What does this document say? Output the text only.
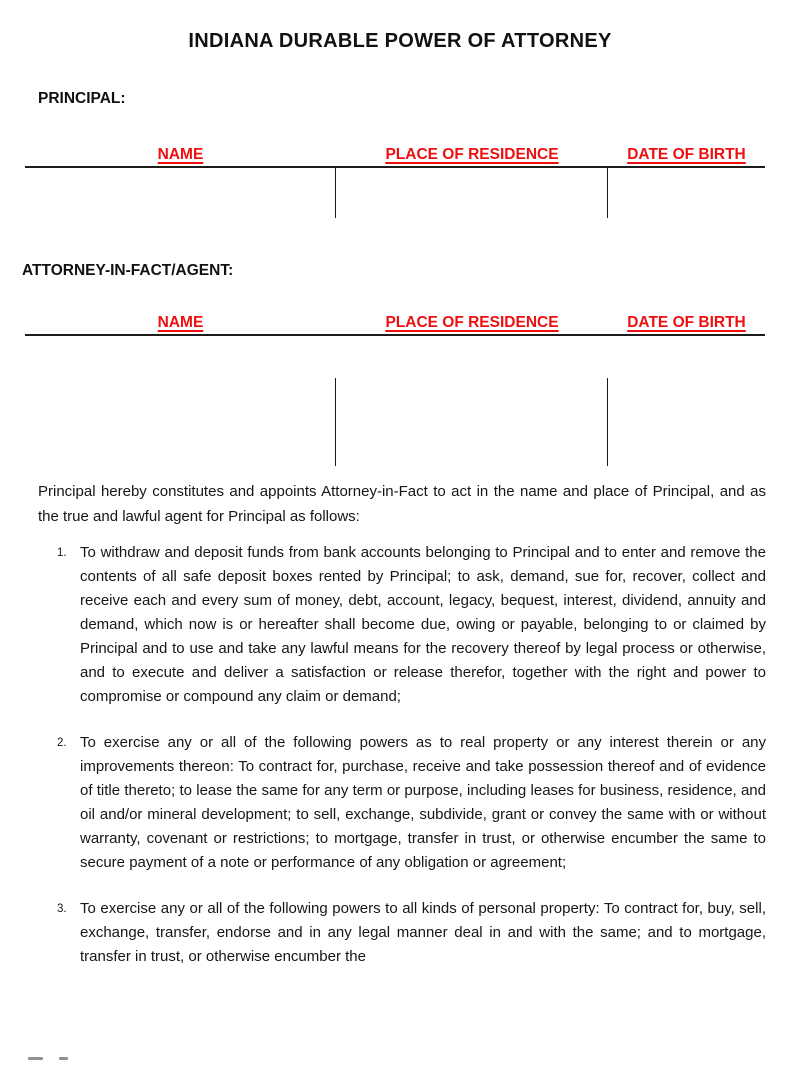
INDIANA DURABLE POWER OF ATTORNEY
PRINCIPAL:
NAME	PLACE OF RESIDENCE	DATE OF BIRTH
ATTORNEY-IN-FACT/AGENT:
NAME	PLACE OF RESIDENCE	DATE OF BIRTH
Principal hereby constitutes and appoints Attorney-in-Fact to act in the name and place of Principal, and as the true and lawful agent for Principal as follows:
1. To withdraw and deposit funds from bank accounts belonging to Principal and to enter and remove the contents of all safe deposit boxes rented by Principal; to ask, demand, sue for, recover, collect and receive each and every sum of money, debt, account, legacy, bequest, interest, dividend, annuity and demand, which now is or hereafter shall become due, owing or payable, belonging to or claimed by Principal and to use and take any lawful means for the recovery thereof by legal process or otherwise, and to execute and deliver a satisfaction or release therefor, together with the right and power to compromise or compound any claim or demand;
2. To exercise any or all of the following powers as to real property or any interest therein or any improvements thereon: To contract for, purchase, receive and take possession thereof and of evidence of title thereto; to lease the same for any term or purpose, including leases for business, residence, and oil and/or mineral development; to sell, exchange, subdivide, grant or convey the same with or without warranty, covenant or restrictions; to mortgage, transfer in trust, or otherwise encumber the same to secure payment of a note or performance of any obligation or agreement;
3. To exercise any or all of the following powers to all kinds of personal property: To contract for, buy, sell, exchange, transfer, endorse and in any legal manner deal in and with the same; and to mortgage, transfer in trust, or otherwise encumber the
